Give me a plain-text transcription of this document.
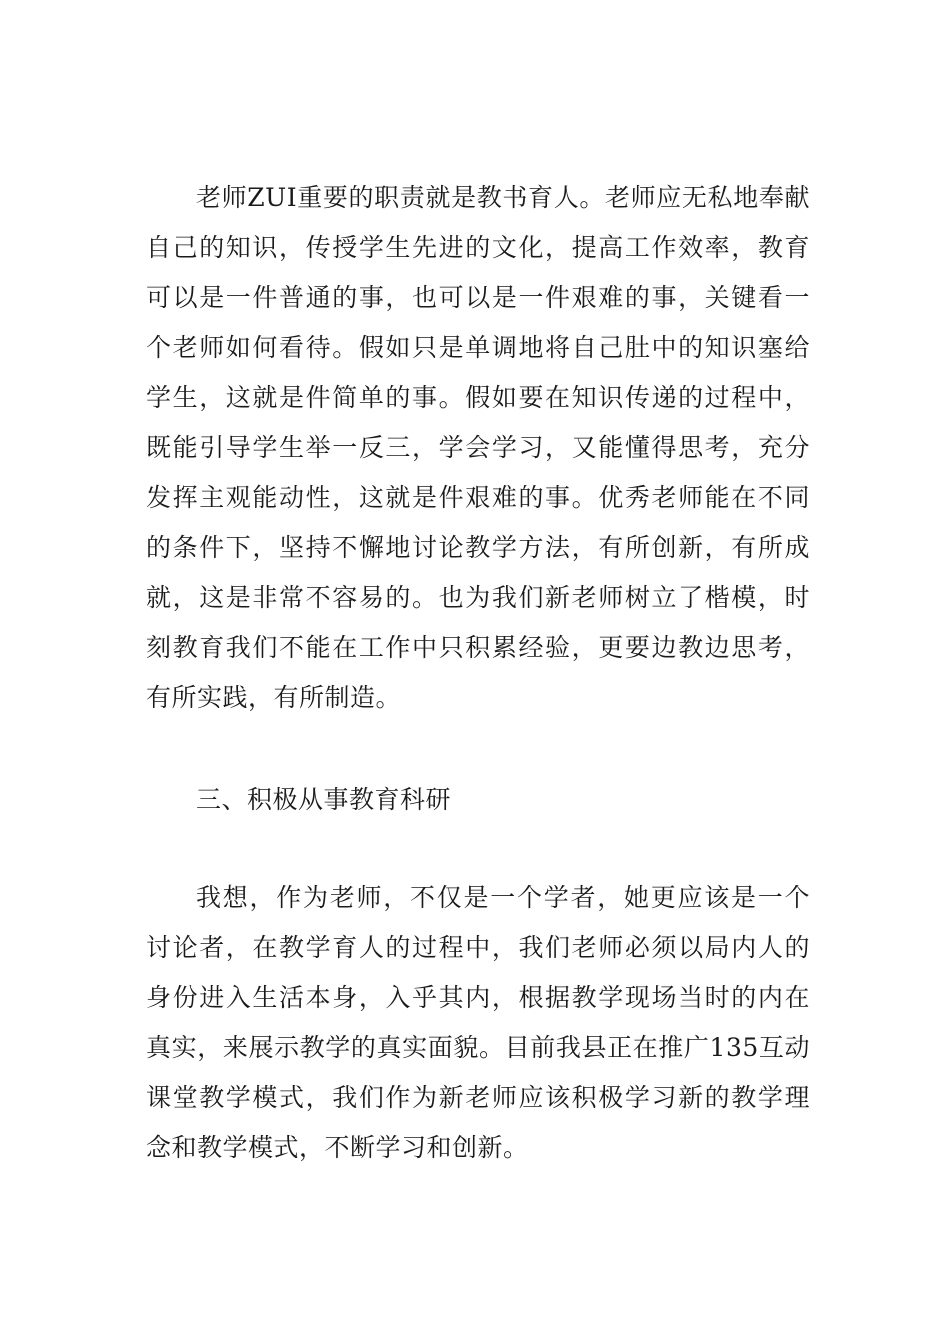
老师ZUI重要的职责就是教书育人。老师应无私地奉献
自己的知识，传授学生先进的文化，提高工作效率，教育
可以是一件普通的事，也可以是一件艰难的事，关键看一
个老师如何看待。假如只是单调地将自己肚中的知识塞给
学生，这就是件简单的事。假如要在知识传递的过程中，
既能引导学生举一反三，学会学习，又能懂得思考，充分
发挥主观能动性，这就是件艰难的事。优秀老师能在不同
的条件下，坚持不懈地讨论教学方法，有所创新，有所成
就，这是非常不容易的。也为我们新老师树立了楷模，时
刻教育我们不能在工作中只积累经验，更要边教边思考，
有所实践，有所制造。
三、积极从事教育科研
我想，作为老师，不仅是一个学者，她更应该是一个
讨论者，在教学育人的过程中，我们老师必须以局内人的
身份进入生活本身，入乎其内，根据教学现场当时的内在
真实，来展示教学的真实面貌。目前我县正在推广135互动
课堂教学模式，我们作为新老师应该积极学习新的教学理
念和教学模式，不断学习和创新。
